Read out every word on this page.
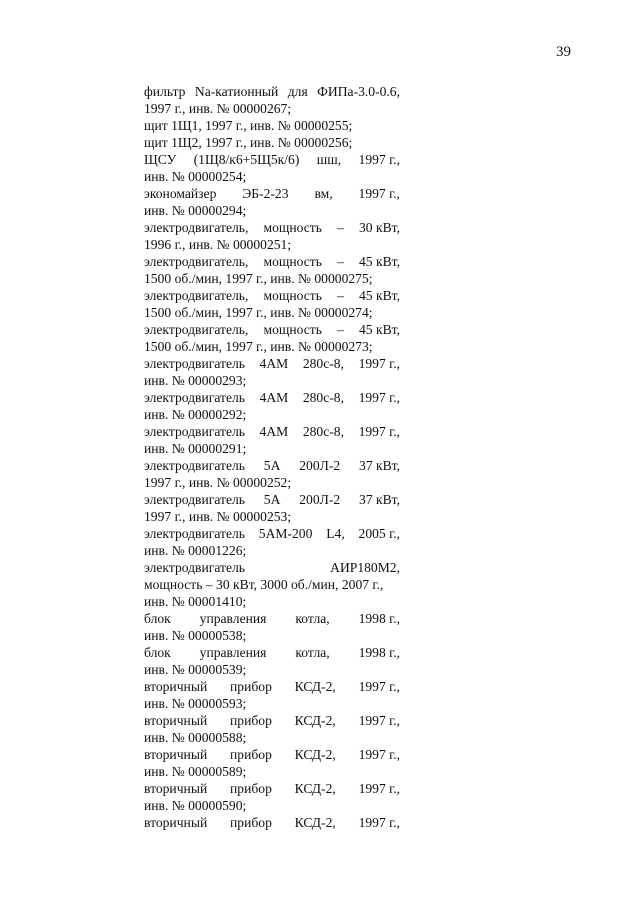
39
фильтр Na-катионный для ФИПа-3.0-0.6,
1997 г., инв. № 00000267;
щит 1Щ1, 1997 г., инв. № 00000255;
щит 1Щ2, 1997 г., инв. № 00000256;
ЩСУ (1Щ8/к6+5Щ5к/6) шш, 1997 г.,
инв. № 00000254;
экономайзер ЭБ-2-23 вм, 1997 г.,
инв. № 00000294;
электродвигатель, мощность – 30 кВт,
1996 г., инв. № 00000251;
электродвигатель, мощность – 45 кВт,
1500 об./мин, 1997 г., инв. № 00000275;
электродвигатель, мощность – 45 кВт,
1500 об./мин, 1997 г., инв. № 00000274;
электродвигатель, мощность – 45 кВт,
1500 об./мин, 1997 г., инв. № 00000273;
электродвигатель 4АМ 280с-8, 1997 г.,
инв. № 00000293;
электродвигатель 4АМ 280с-8, 1997 г.,
инв. № 00000292;
электродвигатель 4АМ 280с-8, 1997 г.,
инв. № 00000291;
электродвигатель 5А 200Л-2 37 кВт,
1997 г., инв. № 00000252;
электродвигатель 5А 200Л-2 37 кВт,
1997 г., инв. № 00000253;
электродвигатель 5АМ-200 L4, 2005 г.,
инв. № 00001226;
электродвигатель	АИР180М2,
мощность – 30 кВт, 3000 об./мин, 2007 г.,
инв. № 00001410;
блок управления котла, 1998 г.,
инв. № 00000538;
блок управления котла, 1998 г.,
инв. № 00000539;
вторичный прибор КСД-2, 1997 г.,
инв. № 00000593;
вторичный прибор КСД-2, 1997 г.,
инв. № 00000588;
вторичный прибор КСД-2, 1997 г.,
инв. № 00000589;
вторичный прибор КСД-2, 1997 г.,
инв. № 00000590;
вторичный прибор КСД-2, 1997 г.,
